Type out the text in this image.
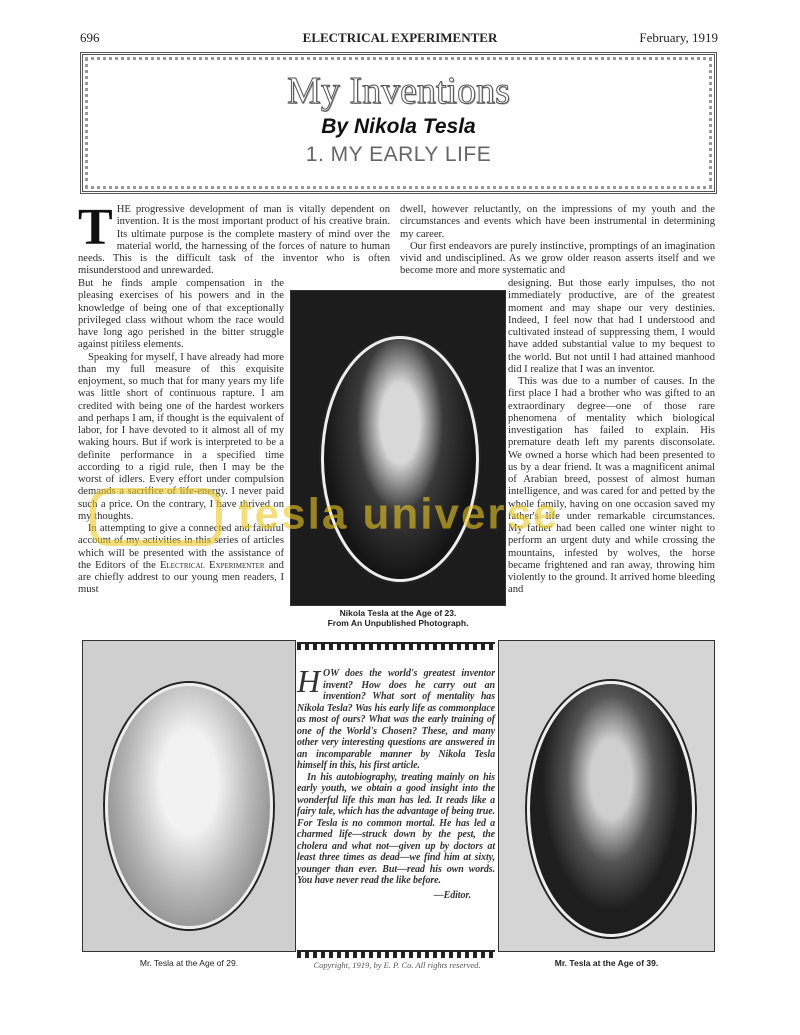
696	ELECTRICAL EXPERIMENTER	February, 1919
My Inventions
By Nikola Tesla
1. MY EARLY LIFE
THE progressive development of man is vitally dependent on invention. It is the most important product of his creative brain. Its ultimate purpose is the complete mastery of mind over the material world, the harnessing of the forces of nature to human needs. This is the difficult task of the inventor who is often misunderstood and unrewarded.

But he finds ample compensation in the pleasing exercises of his powers and in the knowledge of being one of that exceptionally privileged class without whom the race would have long ago perished in the bitter struggle against pitiless elements.

Speaking for myself, I have already had more than my full measure of this exquisite enjoyment, so much that for many years my life was little short of continuous rapture. I am credited with being one of the hardest workers and perhaps I am, if thought is the equivalent of labor, for I have devoted to it almost all of my waking hours. But if work is interpreted to be a definite performance in a specified time according to a rigid rule, then I may be the worst of idlers. Every effort under compulsion demands a sacrifice of life-energy. I never paid such a price. On the contrary, I have thrived on my thoughts.

In attempting to give a connected and faithful account of my activities in this series of articles which will be presented with the assistance of the Editors of the Electrical Experimenter and are chiefly addrest to our young men readers, I must

dwell, however reluctantly, on the impressions of my youth and the circumstances and events which have been instrumental in determining my career.

Our first endeavors are purely instinctive, promptings of an imagination vivid and undisciplined. As we grow older reason asserts itself and we become more and more systematic and

designing. But those early impulses, tho not immediately productive, are of the greatest moment and may shape our very destinies. Indeed, I feel now that had I understood and cultivated instead of suppressing them, I would have added substantial value to my bequest to the world. But not until I had attained manhood did I realize that I was an inventor.

This was due to a number of causes. In the first place I had a brother who was gifted to an extraordinary degree—one of those rare phenomena of mentality which biological investigation has failed to explain. His premature death left my parents disconsolate. We owned a horse which had been presented to us by a dear friend. It was a magnificent animal of Arabian breed, possest of almost human intelligence, and was cared for and petted by the whole family, having on one occasion saved my father's life under remarkable circumstances. My father had been called one winter night to perform an urgent duty and while crossing the mountains, infested by wolves, the horse became frightened and ran away, throwing him violently to the ground. It arrived home bleeding and

Nikola Tesla at the Age of 23.
From An Unpublished Photograph.
Mr. Tesla at the Age of 29.

HOW does the world's greatest inventor invent? How does he carry out an invention? What sort of mentality has Nikola Tesla? Was his early life as commonplace as most of ours? What was the early training of one of the World's Chosen? These, and many other very interesting questions are answered in an incomparable manner by Nikola Tesla himself in this, his first article.

In his autobiography, treating mainly on his early youth, we obtain a good insight into the wonderful life this man has led. It reads like a fairy tale, which has the advantage of being true. For Tesla is no common mortal. He has led a charmed life—struck down by the pest, the cholera and what not—given up by doctors at least three times as dead—we find him at sixty, younger than ever. But—read his own words. You have never read the like before.

—Editor.
Copyright, 1919, by E. P. Co. All rights reserved.	Mr. Tesla at the Age of 39.
tesla universe
